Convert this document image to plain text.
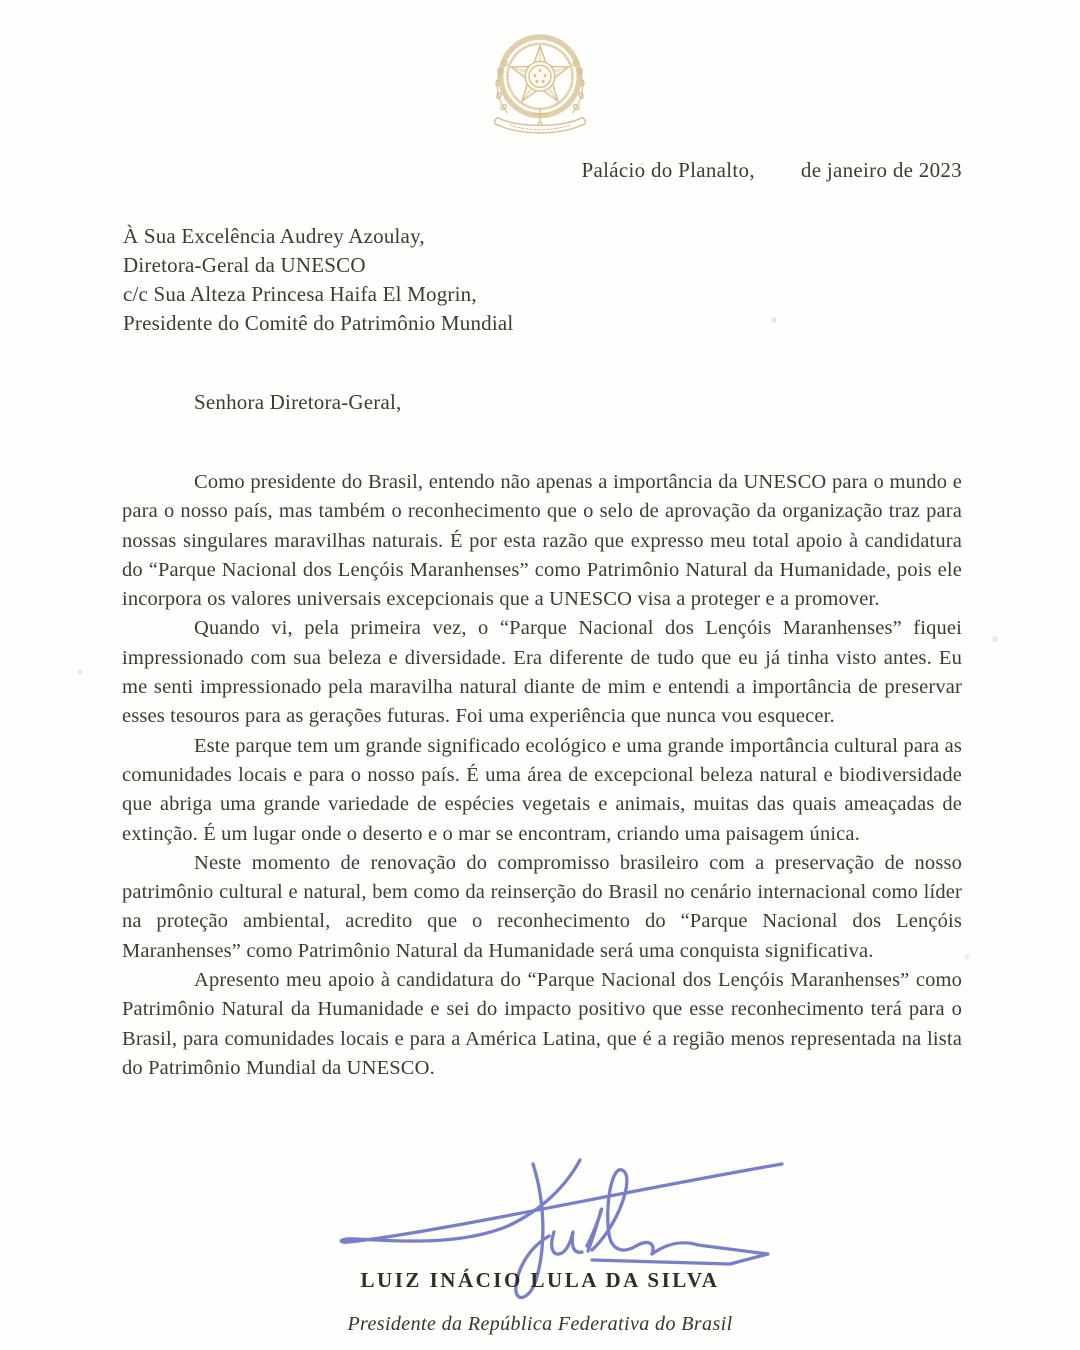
Palácio do Planalto, de janeiro de 2023
À Sua Excelência Audrey Azoulay,
Diretora-Geral da UNESCO
c/c Sua Alteza Princesa Haifa El Mogrin,
Presidente do Comitê do Patrimônio Mundial
Senhora Diretora-Geral,

Como presidente do Brasil, entendo não apenas a importância da UNESCO para o mundo e para o nosso país, mas também o reconhecimento que o selo de aprovação da organização traz para nossas singulares maravilhas naturais. É por esta razão que expresso meu total apoio à candidatura do “Parque Nacional dos Lençóis Maranhenses” como Patrimônio Natural da Humanidade, pois ele incorpora os valores universais excepcionais que a UNESCO visa a proteger e a promover.

Quando vi, pela primeira vez, o “Parque Nacional dos Lençóis Maranhenses” fiquei impressionado com sua beleza e diversidade. Era diferente de tudo que eu já tinha visto antes. Eu me senti impressionado pela maravilha natural diante de mim e entendi a importância de preservar esses tesouros para as gerações futuras. Foi uma experiência que nunca vou esquecer.

Este parque tem um grande significado ecológico e uma grande importância cultural para as comunidades locais e para o nosso país. É uma área de excepcional beleza natural e biodiversidade que abriga uma grande variedade de espécies vegetais e animais, muitas das quais ameaçadas de extinção. É um lugar onde o deserto e o mar se encontram, criando uma paisagem única.

Neste momento de renovação do compromisso brasileiro com a preservação de nosso patrimônio cultural e natural, bem como da reinserção do Brasil no cenário internacional como líder na proteção ambiental, acredito que o reconhecimento do “Parque Nacional dos Lençóis Maranhenses” como Patrimônio Natural da Humanidade será uma conquista significativa.

Apresento meu apoio à candidatura do “Parque Nacional dos Lençóis Maranhenses” como Patrimônio Natural da Humanidade e sei do impacto positivo que esse reconhecimento terá para o Brasil, para comunidades locais e para a América Latina, que é a região menos representada na lista do Patrimônio Mundial da UNESCO.

LUIZ INÁCIO LULA DA SILVA
Presidente da República Federativa do Brasil
